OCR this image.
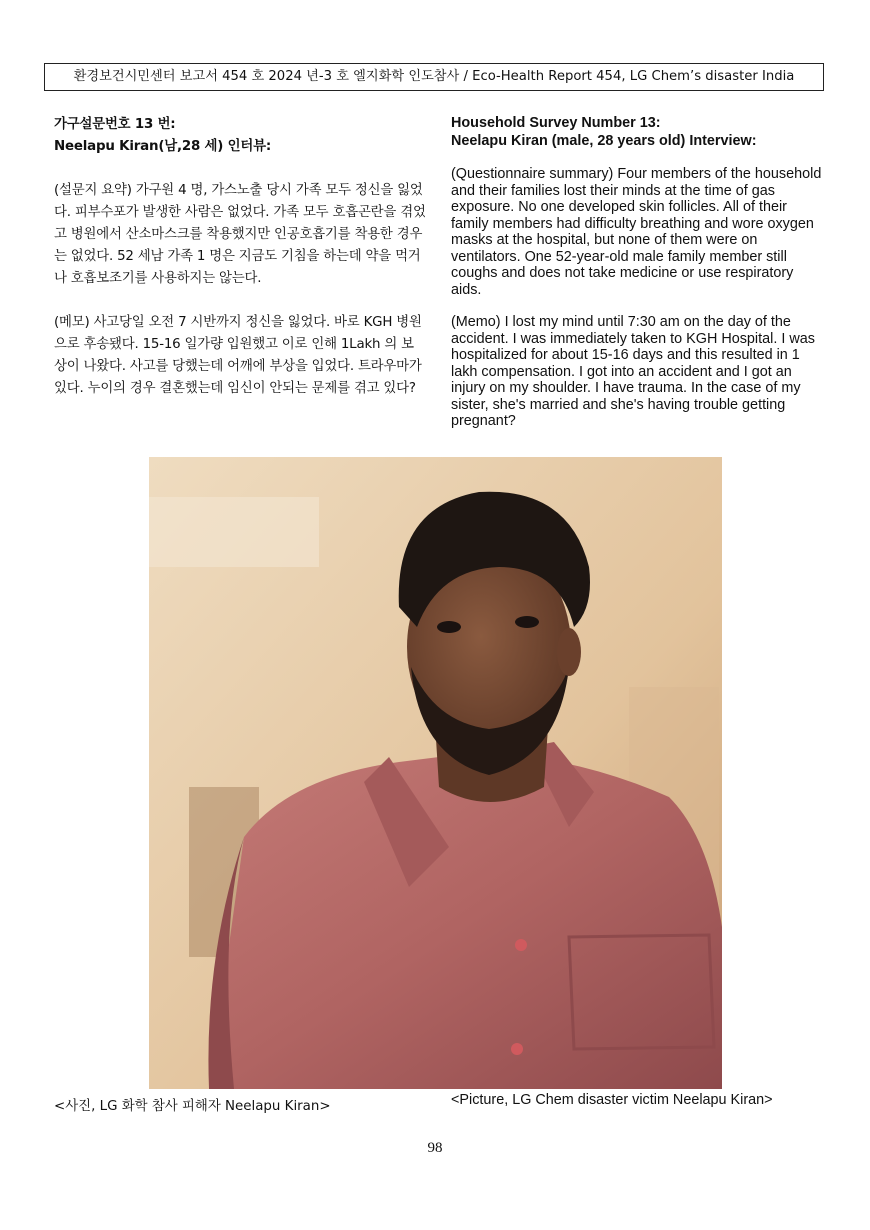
환경보건시민센터 보고서 454 호 2024 년-3 호 엘지화학 인도참사 / Eco-Health Report 454, LG Chem’s disaster India
가구설문번호 13 번:
Neelapu Kiran(남,28 세) 인터뷰:

(설문지 요약) 가구원 4 명, 가스노출 당시 가족 모두 정신을 잃었다. 피부수포가 발생한 사람은 없었다. 가족 모두 호흡곤란을 겪었고 병원에서 산소마스크를 착용했지만 인공호흡기를 착용한 경우는 없었다. 52 세남 가족 1 명은 지금도 기침을 하는데 약을 먹거나 호흡보조기를 사용하지는 않는다.

(메모) 사고당일 오전 7 시반까지 정신을 잃었다. 바로 KGH 병원으로 후송됐다. 15-16 일가량 입원했고 이로 인해 1Lakh 의 보상이 나왔다. 사고를 당했는데 어깨에 부상을 입었다. 트라우마가 있다. 누이의 경우 결혼했는데 임신이 안되는 문제를 겪고 있다?

Household Survey Number 13:
Neelapu Kiran (male, 28 years old) Interview:

(Questionnaire summary) Four members of the household and their families lost their minds at the time of gas exposure. No one developed skin follicles. All of their family members had difficulty breathing and wore oxygen masks at the hospital, but none of them were on ventilators. One 52-year-old male family member still coughs and does not take medicine or use respiratory aids.

(Memo) I lost my mind until 7:30 am on the day of the accident. I was immediately taken to KGH Hospital. I was hospitalized for about 15-16 days and this resulted in 1 lakh compensation. I got into an accident and I got an injury on my shoulder. I have trauma. In the case of my sister, she's married and she's having trouble getting pregnant?

<사진, LG 화학 참사 피해자 Neelapu Kiran>	<Picture, LG Chem disaster victim Neelapu Kiran>
98
